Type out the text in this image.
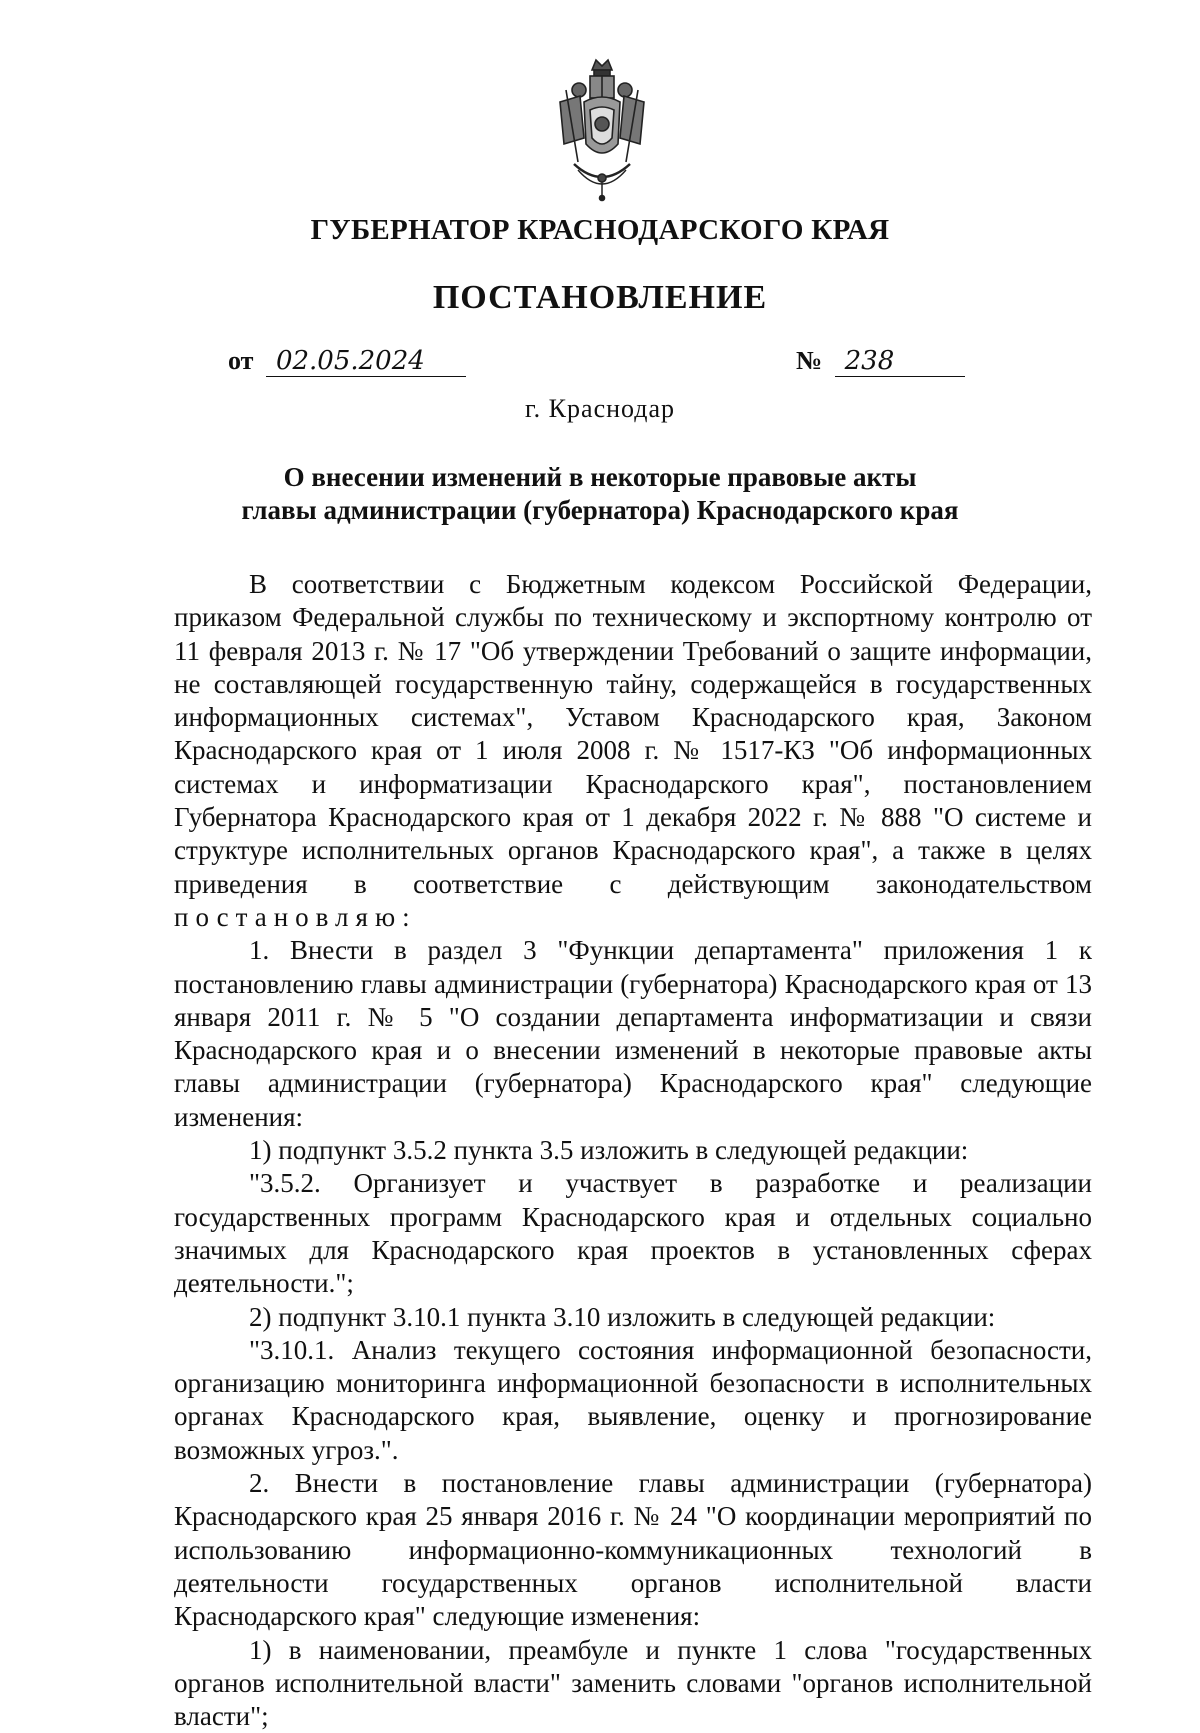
ГУБЕРНАТОР КРАСНОДАРСКОГО КРАЯ
ПОСТАНОВЛЕНИЕ
от 02.05.2024	№ 238
г. Краснодар
О внесении изменений в некоторые правовые акты
главы администрации (губернатора) Краснодарского края

В соответствии с Бюджетным кодексом Российской Федерации, приказом Федеральной службы по техническому и экспортному контролю от 11 февраля 2013 г. № 17 "Об утверждении Требований о защите информации, не составляющей государственную тайну, содержащейся в государственных информационных системах", Уставом Краснодарского края, Законом Краснодарского края от 1 июля 2008 г. № 1517-КЗ "Об информационных системах и информатизации Краснодарского края", постановлением Губернатора Краснодарского края от 1 декабря 2022 г. № 888 "О системе и структуре исполнительных органов Краснодарского края", а также в целях приведения в соответствие с действующим законодательством постановляю:

1. Внести в раздел 3 "Функции департамента" приложения 1 к постановлению главы администрации (губернатора) Краснодарского края от 13 января 2011 г. № 5 "О создании департамента информатизации и связи Краснодарского края и о внесении изменений в некоторые правовые акты главы администрации (губернатора) Краснодарского края" следующие изменения:

1) подпункт 3.5.2 пункта 3.5 изложить в следующей редакции:

"3.5.2. Организует и участвует в разработке и реализации государственных программ Краснодарского края и отдельных социально значимых для Краснодарского края проектов в установленных сферах деятельности.";

2) подпункт 3.10.1 пункта 3.10 изложить в следующей редакции:

"3.10.1. Анализ текущего состояния информационной безопасности, организацию мониторинга информационной безопасности в исполнительных органах Краснодарского края, выявление, оценку и прогнозирование возможных угроз.".

2. Внести в постановление главы администрации (губернатора) Краснодарского края 25 января 2016 г. № 24 "О координации мероприятий по использованию информационно-коммуникационных технологий в деятельности государственных органов исполнительной власти Краснодарского края" следующие изменения:

1) в наименовании, преамбуле и пункте 1 слова "государственных органов исполнительной власти" заменить словами "органов исполнительной власти";
